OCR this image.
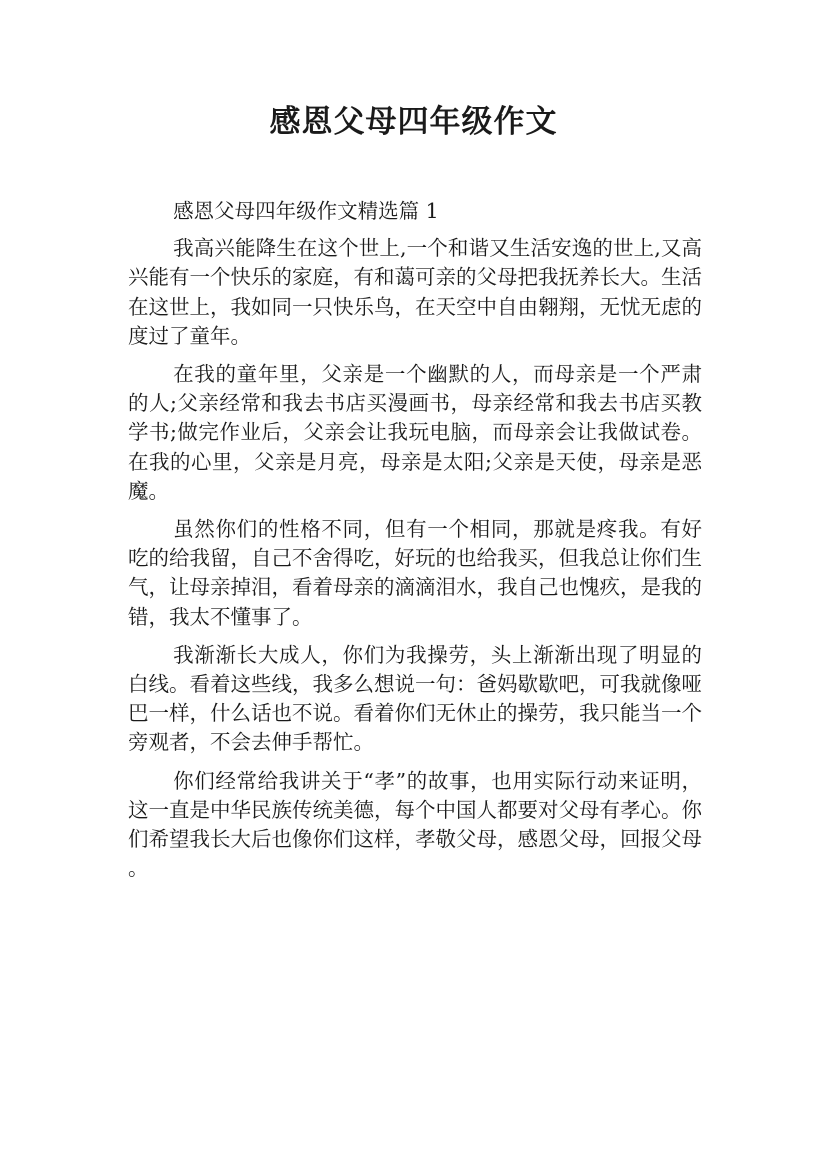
感恩父母四年级作文

感恩父母四年级作文精选篇 1

我高兴能降生在这个世上,一个和谐又生活安逸的世上,又高兴能有一个快乐的家庭，有和蔼可亲的父母把我抚养长大。生活在这世上，我如同一只快乐鸟，在天空中自由翱翔，无忧无虑的度过了童年。

在我的童年里，父亲是一个幽默的人，而母亲是一个严肃的人;父亲经常和我去书店买漫画书，母亲经常和我去书店买教学书;做完作业后，父亲会让我玩电脑，而母亲会让我做试卷。在我的心里，父亲是月亮，母亲是太阳;父亲是天使，母亲是恶魔。

虽然你们的性格不同，但有一个相同，那就是疼我。有好吃的给我留，自己不舍得吃，好玩的也给我买，但我总让你们生气，让母亲掉泪，看着母亲的滴滴泪水，我自己也愧疚，是我的错，我太不懂事了。

我渐渐长大成人，你们为我操劳，头上渐渐出现了明显的白线。看着这些线，我多么想说一句：爸妈歇歇吧，可我就像哑巴一样，什么话也不说。看着你们无休止的操劳，我只能当一个旁观者，不会去伸手帮忙。

你们经常给我讲关于“孝”的故事，也用实际行动来证明，这一直是中华民族传统美德，每个中国人都要对父母有孝心。你们希望我长大后也像你们这样，孝敬父母，感恩父母，回报父母。
